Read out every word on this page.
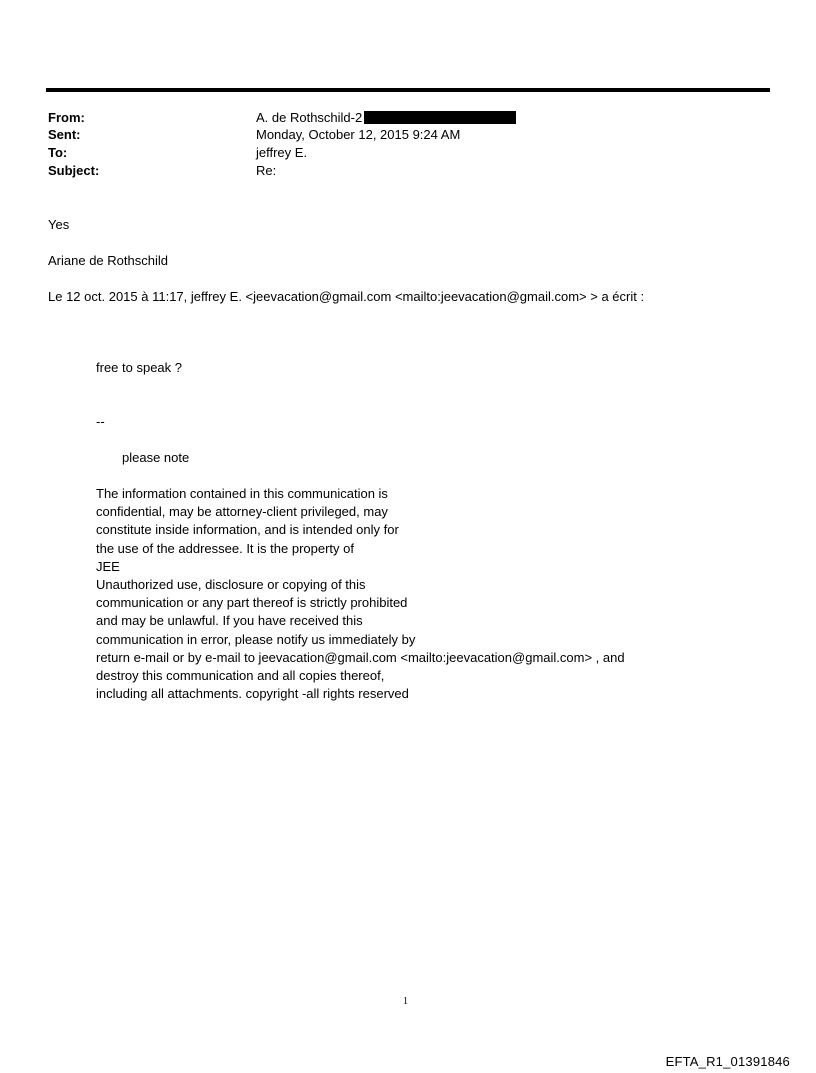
From:	A. de Rothschild-2
Sent:	Monday, October 12, 2015 9:24 AM
To:	jeffrey E.
Subject:	Re:
Yes
Ariane de Rothschild
Le 12 oct. 2015 à 11:17, jeffrey E. <jeevacation@gmail.com <mailto:jeevacation@gmail.com> > a écrit :
free to speak ?
--
please note
The information contained in this communication is
confidential, may be attorney-client privileged, may
constitute inside information, and is intended only for
the use of the addressee. It is the property of
JEE
Unauthorized use, disclosure or copying of this
communication or any part thereof is strictly prohibited
and may be unlawful. If you have received this
communication in error, please notify us immediately by
return e-mail or by e-mail to jeevacation@gmail.com <mailto:jeevacation@gmail.com> , and
destroy this communication and all copies thereof,
including all attachments. copyright -all rights reserved
1
EFTA_R1_01391846
